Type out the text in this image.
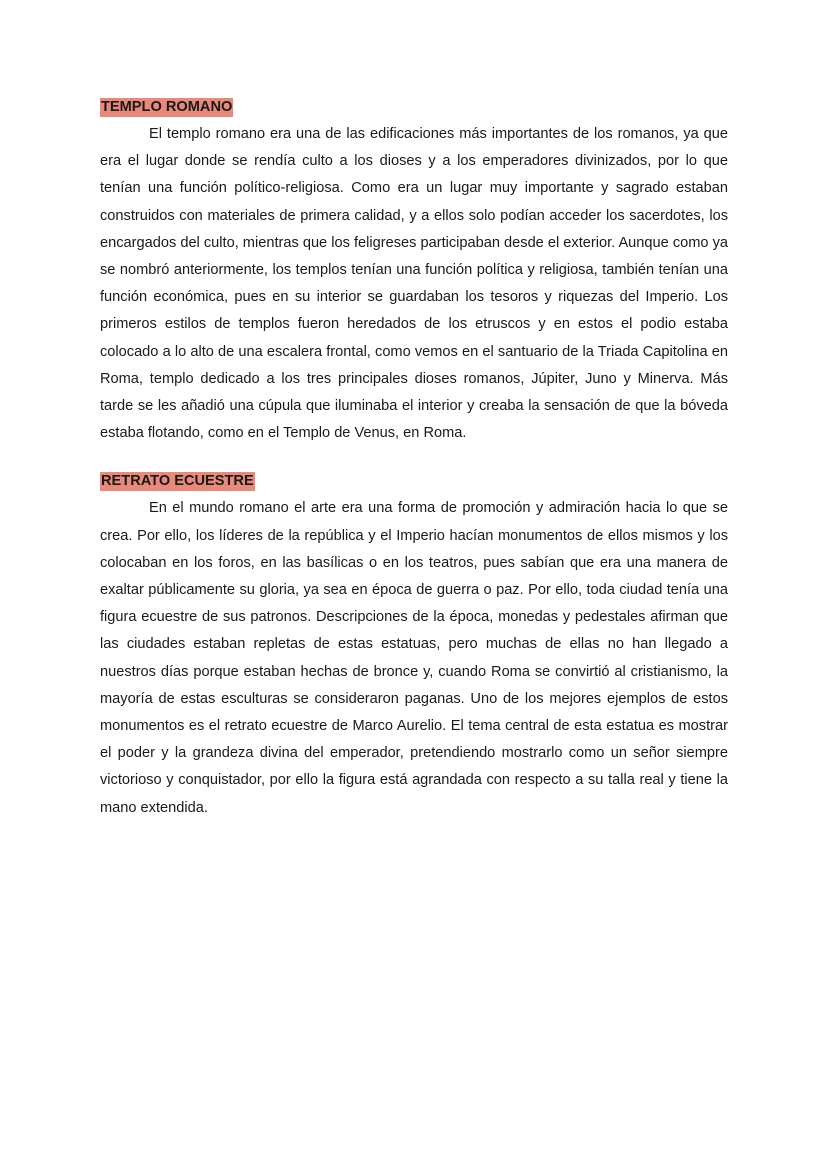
TEMPLO ROMANO

El templo romano era una de las edificaciones más importantes de los romanos, ya que era el lugar donde se rendía culto a los dioses y a los emperadores divinizados, por lo que tenían una función político-religiosa. Como era un lugar muy importante y sagrado estaban construidos con materiales de primera calidad, y a ellos solo podían acceder los sacerdotes, los encargados del culto, mientras que los feligreses participaban desde el exterior. Aunque como ya se nombró anteriormente, los templos tenían una función política y religiosa, también tenían una función económica, pues en su interior se guardaban los tesoros y riquezas del Imperio. Los primeros estilos de templos fueron heredados de los etruscos y en estos el podio estaba colocado a lo alto de una escalera frontal, como vemos en el santuario de la Triada Capitolina en Roma, templo dedicado a los tres principales dioses romanos, Júpiter, Juno y Minerva. Más tarde se les añadió una cúpula que iluminaba el interior y creaba la sensación de que la bóveda estaba flotando, como en el Templo de Venus, en Roma.

RETRATO ECUESTRE

En el mundo romano el arte era una forma de promoción y admiración hacia lo que se crea. Por ello, los líderes de la república y el Imperio hacían monumentos de ellos mismos y los colocaban en los foros, en las basílicas o en los teatros, pues sabían que era una manera de exaltar públicamente su gloria, ya sea en época de guerra o paz. Por ello, toda ciudad tenía una figura ecuestre de sus patronos. Descripciones de la época, monedas y pedestales afirman que las ciudades estaban repletas de estas estatuas, pero muchas de ellas no han llegado a nuestros días porque estaban hechas de bronce y, cuando Roma se convirtió al cristianismo, la mayoría de estas esculturas se consideraron paganas. Uno de los mejores ejemplos de estos monumentos es el retrato ecuestre de Marco Aurelio. El tema central de esta estatua es mostrar el poder y la grandeza divina del emperador, pretendiendo mostrarlo como un señor siempre victorioso y conquistador, por ello la figura está agrandada con respecto a su talla real y tiene la mano extendida.
